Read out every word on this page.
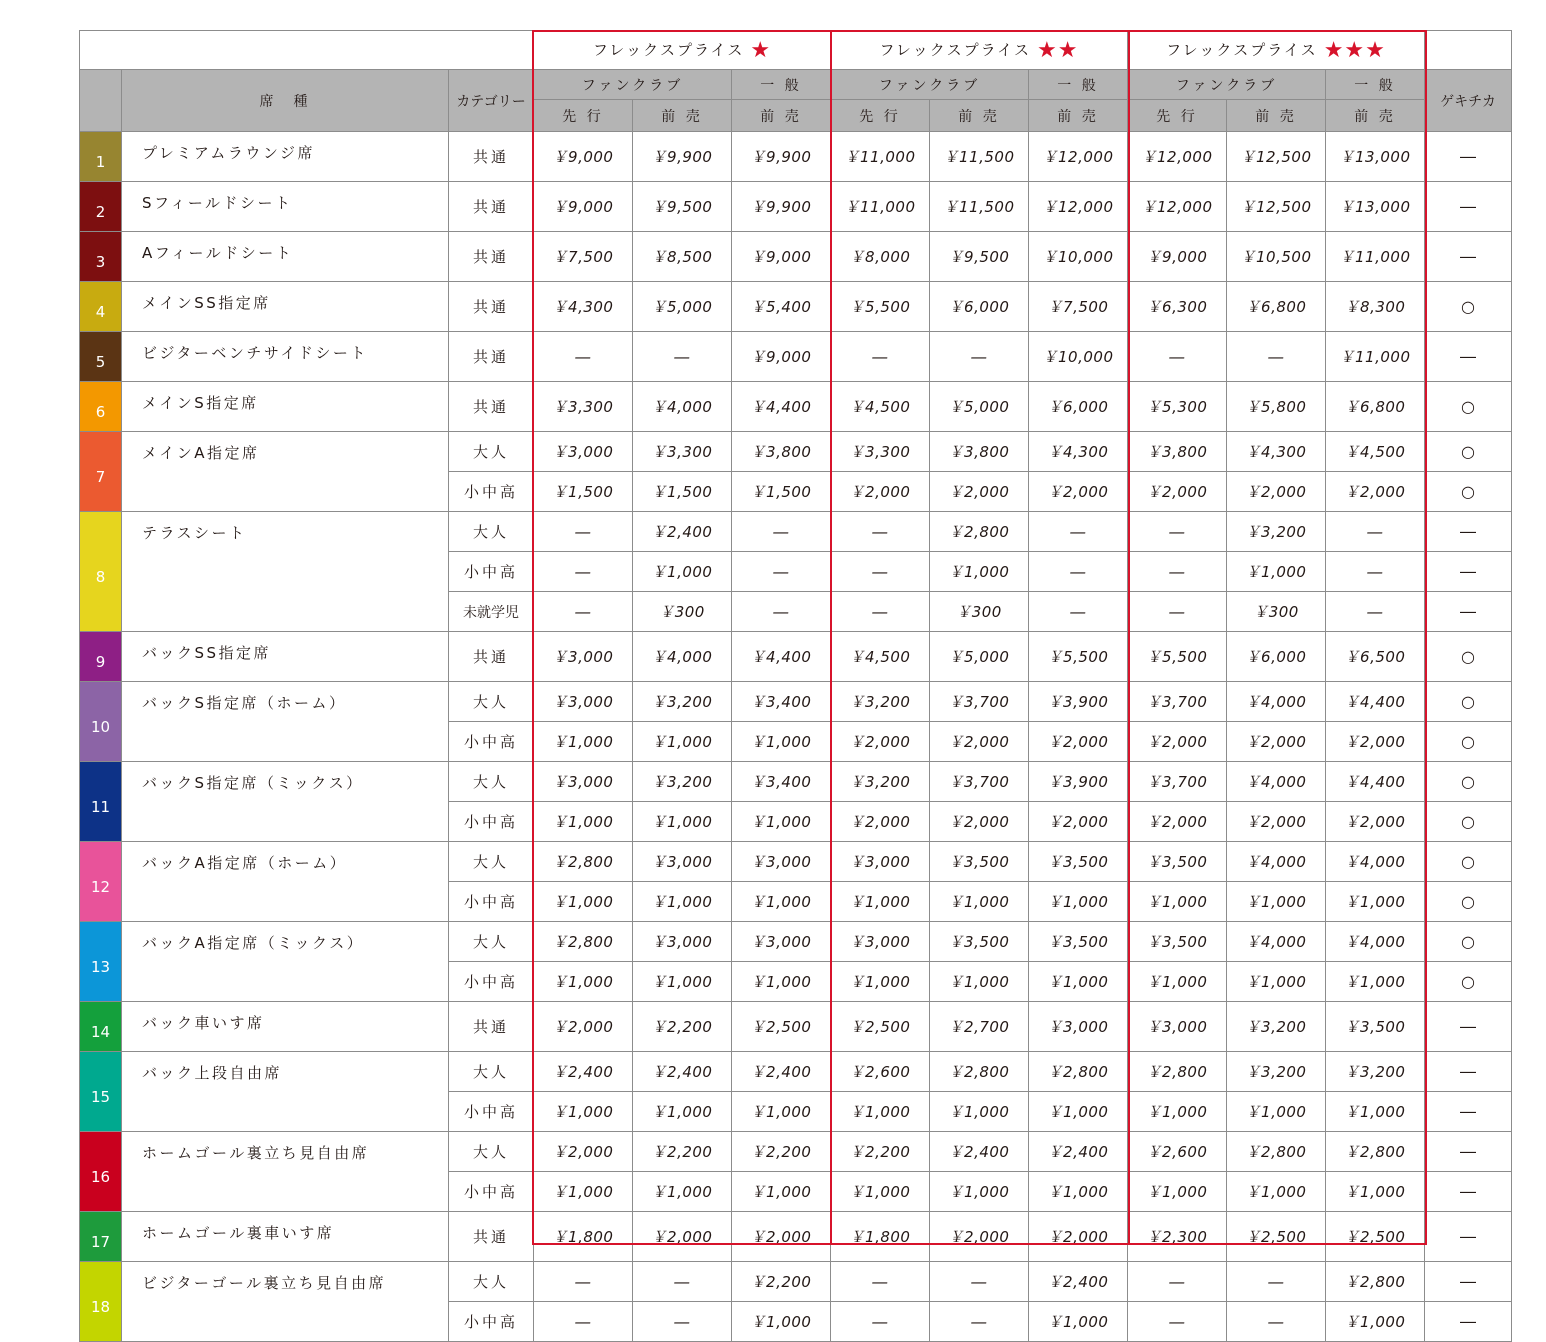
			フレックスプライス ★			フレックスプライス ★★			フレックスプライス ★★★			
	席　種	カテゴリー	ファンクラブ		一 般	ファンクラブ		一 般	ファンクラブ		一 般	ゲキチカ
			先 行	前 売	前 売	先 行	前 売	前 売	先 行	前 売	前 売	
1	プレミアムラウンジ席	共通	￥9,000	￥9,900	￥9,900	￥11,000	￥11,500	￥12,000	￥12,000	￥12,500	￥13,000	―
2	Sフィールドシート	共通	￥9,000	￥9,500	￥9,900	￥11,000	￥11,500	￥12,000	￥12,000	￥12,500	￥13,000	―
3	Aフィールドシート	共通	￥7,500	￥8,500	￥9,000	￥8,000	￥9,500	￥10,000	￥9,000	￥10,500	￥11,000	―
4	メインSS指定席	共通	￥4,300	￥5,000	￥5,400	￥5,500	￥6,000	￥7,500	￥6,300	￥6,800	￥8,300	○
5	ビジターベンチサイドシート	共通	―	―	￥9,000	―	―	￥10,000	―	―	￥11,000	―
6	メインS指定席	共通	￥3,300	￥4,000	￥4,400	￥4,500	￥5,000	￥6,000	￥5,300	￥5,800	￥6,800	○
7	メインA指定席	大人	￥3,000	￥3,300	￥3,800	￥3,300	￥3,800	￥4,300	￥3,800	￥4,300	￥4,500	○
		小中高	￥1,500	￥1,500	￥1,500	￥2,000	￥2,000	￥2,000	￥2,000	￥2,000	￥2,000	○
8	テラスシート	大人	―	￥2,400	―	―	￥2,800	―	―	￥3,200	―	―
		小中高	―	￥1,000	―	―	￥1,000	―	―	￥1,000	―	―
		未就学児	―	￥300	―	―	￥300	―	―	￥300	―	―
9	バックSS指定席	共通	￥3,000	￥4,000	￥4,400	￥4,500	￥5,000	￥5,500	￥5,500	￥6,000	￥6,500	○
10	バックS指定席（ホーム）	大人	￥3,000	￥3,200	￥3,400	￥3,200	￥3,700	￥3,900	￥3,700	￥4,000	￥4,400	○
		小中高	￥1,000	￥1,000	￥1,000	￥2,000	￥2,000	￥2,000	￥2,000	￥2,000	￥2,000	○
11	バックS指定席（ミックス）	大人	￥3,000	￥3,200	￥3,400	￥3,200	￥3,700	￥3,900	￥3,700	￥4,000	￥4,400	○
		小中高	￥1,000	￥1,000	￥1,000	￥2,000	￥2,000	￥2,000	￥2,000	￥2,000	￥2,000	○
12	バックA指定席（ホーム）	大人	￥2,800	￥3,000	￥3,000	￥3,000	￥3,500	￥3,500	￥3,500	￥4,000	￥4,000	○
		小中高	￥1,000	￥1,000	￥1,000	￥1,000	￥1,000	￥1,000	￥1,000	￥1,000	￥1,000	○
13	バックA指定席（ミックス）	大人	￥2,800	￥3,000	￥3,000	￥3,000	￥3,500	￥3,500	￥3,500	￥4,000	￥4,000	○
		小中高	￥1,000	￥1,000	￥1,000	￥1,000	￥1,000	￥1,000	￥1,000	￥1,000	￥1,000	○
14	バック車いす席	共通	￥2,000	￥2,200	￥2,500	￥2,500	￥2,700	￥3,000	￥3,000	￥3,200	￥3,500	―
15	バック上段自由席	大人	￥2,400	￥2,400	￥2,400	￥2,600	￥2,800	￥2,800	￥2,800	￥3,200	￥3,200	―
		小中高	￥1,000	￥1,000	￥1,000	￥1,000	￥1,000	￥1,000	￥1,000	￥1,000	￥1,000	―
16	ホームゴール裏立ち見自由席	大人	￥2,000	￥2,200	￥2,200	￥2,200	￥2,400	￥2,400	￥2,600	￥2,800	￥2,800	―
		小中高	￥1,000	￥1,000	￥1,000	￥1,000	￥1,000	￥1,000	￥1,000	￥1,000	￥1,000	―
17	ホームゴール裏車いす席	共通	￥1,800	￥2,000	￥2,000	￥1,800	￥2,000	￥2,000	￥2,300	￥2,500	￥2,500	―
18	ビジターゴール裏立ち見自由席	大人	―	―	￥2,200	―	―	￥2,400	―	―	￥2,800	―
		小中高	―	―	￥1,000	―	―	￥1,000	―	―	￥1,000	―
